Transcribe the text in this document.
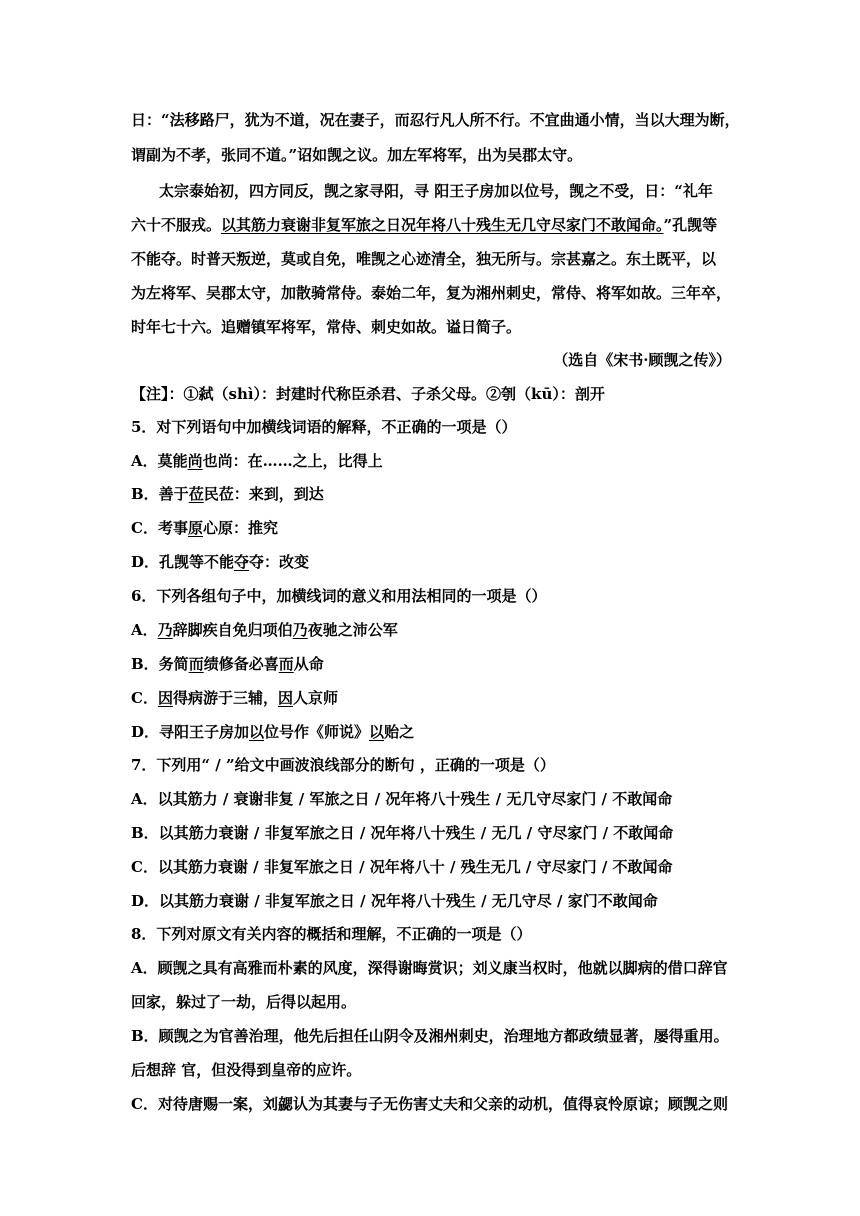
日：“法移路尸，犹为不道，况在妻子，而忍行凡人所不行。不宜曲通小情，当以大理为断，
谓副为不孝，张同不道。”诏如觊之议。加左军将军，出为吴郡太守。
太宗泰始初，四方同反，觊之家寻阳，寻 阳王子房加以位号，觊之不受，日：“礼年
六十不服戎。以其筋力衰谢非复军旅之日况年将八十残生无几守尽家门不敢闻命。”孔觊等
不能夺。时普天叛逆，莫或自免，唯觊之心迹清全，独无所与。宗甚嘉之。东土既平，以
为左将军、吴郡太守，加散骑常侍。泰始二年，复为湘州刺史，常侍、将军如故。三年卒，
时年七十六。追赠镇军将军，常侍、刺史如故。谥日简子。
（选自《宋书·顾觊之传》）
【注】：①弑（shì）：封建时代称臣杀君、子杀父母。②刳（kū）：剖开
5．对下列语句中加横线词语的解释，不正确的一项是（）
A．莫能尚也尚：在……之上，比得上
B．善于莅民莅：来到，到达
C．考事原心原：推究
D．孔觊等不能夺夺：改变
6．下列各组句子中，加横线词的意义和用法相同的一项是（）
A．乃辞脚疾自免归项伯乃夜驰之沛公军
B．务简而绩修备必喜而从命
C．因得病游于三辅，因人京师
D．寻阳王子房加以位号作《师说》以贻之
7．下列用“ / ”给文中画波浪线部分的断句 ，正确的一项是（）
A．以其筋力 / 衰谢非复 / 军旅之日 / 况年将八十残生 / 无几守尽家门 / 不敢闻命
B．以其筋力衰谢 / 非复军旅之日 / 况年将八十残生 / 无几 / 守尽家门 / 不敢闻命
C．以其筋力衰谢 / 非复军旅之日 / 况年将八十 / 残生无几 / 守尽家门 / 不敢闻命
D．以其筋力衰谢 / 非复军旅之日 / 况年将八十残生 / 无几守尽 / 家门不敢闻命
8．下列对原文有关内容的概括和理解，不正确的一项是（）
A．顾觊之具有高雅而朴素的风度，深得谢晦赏识；刘义康当权时，他就以脚病的借口辞官
回家，躲过了一劫，后得以起用。
B．顾觊之为官善治理，他先后担任山阴令及湘州刺史，治理地方都政绩显著，屡得重用。
后想辞 官，但没得到皇帝的应许。
C．对待唐赐一案，刘勰认为其妻与子无伤害丈夫和父亲的动机，值得哀怜原谅；顾觊之则
